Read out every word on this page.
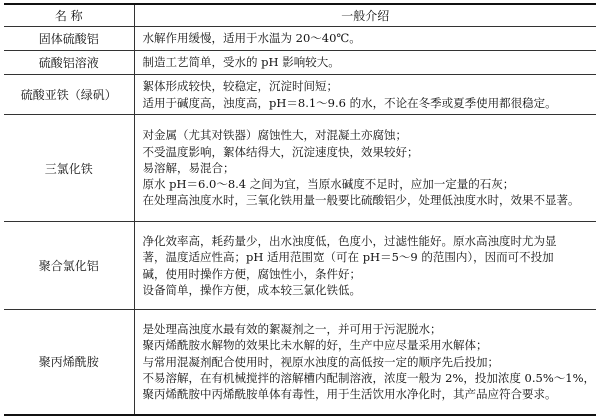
名 称	一般介绍
固体硫酸铝	水解作用缓慢，适用于水温为 20～40℃。

硫酸铝溶液	制造工艺简单，受水的 pH 影响较大。

硫酸亚铁（绿矾）	絮体形成较快，较稳定，沉淀时间短；
适用于碱度高，浊度高，pH＝8.1～9.6 的水，不论在冬季或夏季使用都很稳定。

三氯化铁	对金属（尤其对铁器）腐蚀性大，对混凝土亦腐蚀；
不受温度影响，絮体结得大，沉淀速度快，效果较好；
易溶解，易混合；
原水 pH＝6.0～8.4 之间为宜，当原水碱度不足时，应加一定量的石灰；
在处理高浊度水时，三氧化铁用量一般要比硫酸铝少，处理低浊度水时，效果不显著。

聚合氯化铝	净化效率高，耗药量少，出水浊度低，色度小，过滤性能好。原水高浊度时尤为显
著，温度适应性高；pH 适用范围宽（可在 pH＝5～9 的范围内），因而可不投加
碱，使用时操作方便，腐蚀性小，条件好；
设备简单，操作方便，成本较三氯化铁低。

聚丙烯酰胺	是处理高浊度水最有效的絮凝剂之一，并可用于污泥脱水；
聚丙烯酰胺水解物的效果比未水解的好，生产中应尽量采用水解体；
与常用混凝剂配合使用时，视原水浊度的高低按一定的顺序先后投加；
不易溶解，在有机械搅拌的溶解槽内配制溶液，浓度一般为 2%，投加浓度 0.5%～1%，
聚丙烯酰胺中丙烯酰胺单体有毒性，用于生活饮用水净化时，其产品应符合要求。
